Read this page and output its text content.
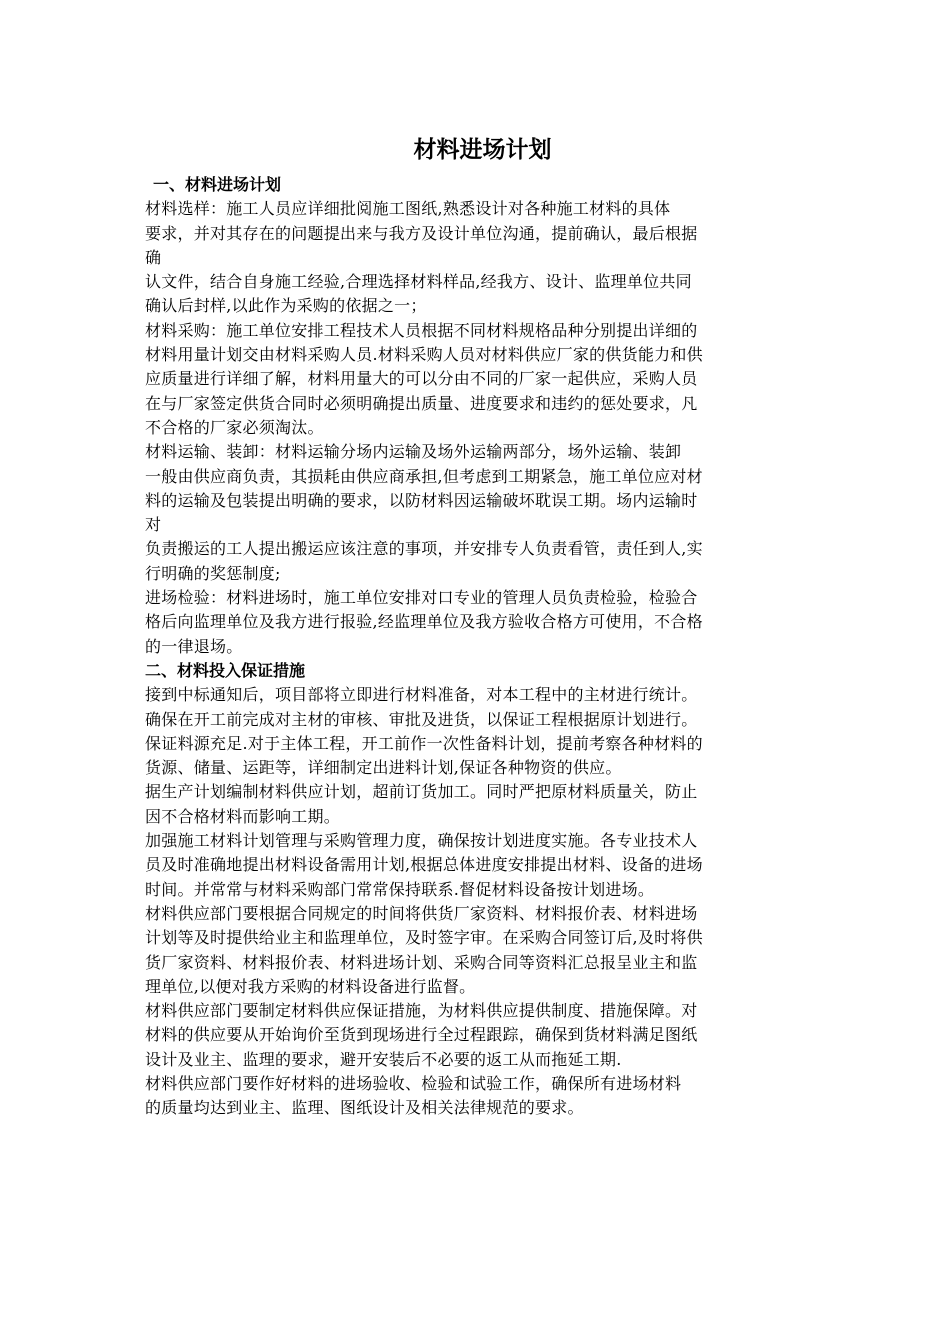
材料进场计划
一、材料进场计划

材料选样：施工人员应详细批阅施工图纸,熟悉设计对各种施工材料的具体

要求，并对其存在的问题提出来与我方及设计单位沟通，提前确认，最后根据

确

认文件，结合自身施工经验,合理选择材料样品,经我方、设计、监理单位共同

确认后封样,以此作为采购的依据之一；

材料采购：施工单位安排工程技术人员根据不同材料规格品种分别提出详细的

材料用量计划交由材料采购人员.材料采购人员对材料供应厂家的供货能力和供

应质量进行详细了解，材料用量大的可以分由不同的厂家一起供应，采购人员

在与厂家签定供货合同时必须明确提出质量、进度要求和违约的惩处要求，凡

不合格的厂家必须淘汰。

材料运输、装卸：材料运输分场内运输及场外运输两部分，场外运输、装卸

一般由供应商负责，其损耗由供应商承担,但考虑到工期紧急，施工单位应对材

料的运输及包装提出明确的要求，以防材料因运输破坏耽误工期。场内运输时

对

负责搬运的工人提出搬运应该注意的事项，并安排专人负责看管，责任到人,实

行明确的奖惩制度;

进场检验：材料进场时，施工单位安排对口专业的管理人员负责检验，检验合

格后向监理单位及我方进行报验,经监理单位及我方验收合格方可使用，不合格

的一律退场。

二、材料投入保证措施

接到中标通知后，项目部将立即进行材料准备，对本工程中的主材进行统计。

确保在开工前完成对主材的审核、审批及进货，以保证工程根据原计划进行。

保证料源充足.对于主体工程，开工前作一次性备料计划，提前考察各种材料的

货源、储量、运距等，详细制定出进料计划,保证各种物资的供应。

据生产计划编制材料供应计划，超前订货加工。同时严把原材料质量关，防止

因不合格材料而影响工期。

加强施工材料计划管理与采购管理力度，确保按计划进度实施。各专业技术人

员及时准确地提出材料设备需用计划,根据总体进度安排提出材料、设备的进场

时间。并常常与材料采购部门常常保持联系.督促材料设备按计划进场。

材料供应部门要根据合同规定的时间将供货厂家资料、材料报价表、材料进场

计划等及时提供给业主和监理单位，及时签字审。在采购合同签订后,及时将供

货厂家资料、材料报价表、材料进场计划、采购合同等资料汇总报呈业主和监

理单位,以便对我方采购的材料设备进行监督。

材料供应部门要制定材料供应保证措施，为材料供应提供制度、措施保障。对

材料的供应要从开始询价至货到现场进行全过程跟踪，确保到货材料满足图纸

设计及业主、监理的要求，避开安装后不必要的返工从而拖延工期.

材料供应部门要作好材料的进场验收、检验和试验工作，确保所有进场材料

的质量均达到业主、监理、图纸设计及相关法律规范的要求。
